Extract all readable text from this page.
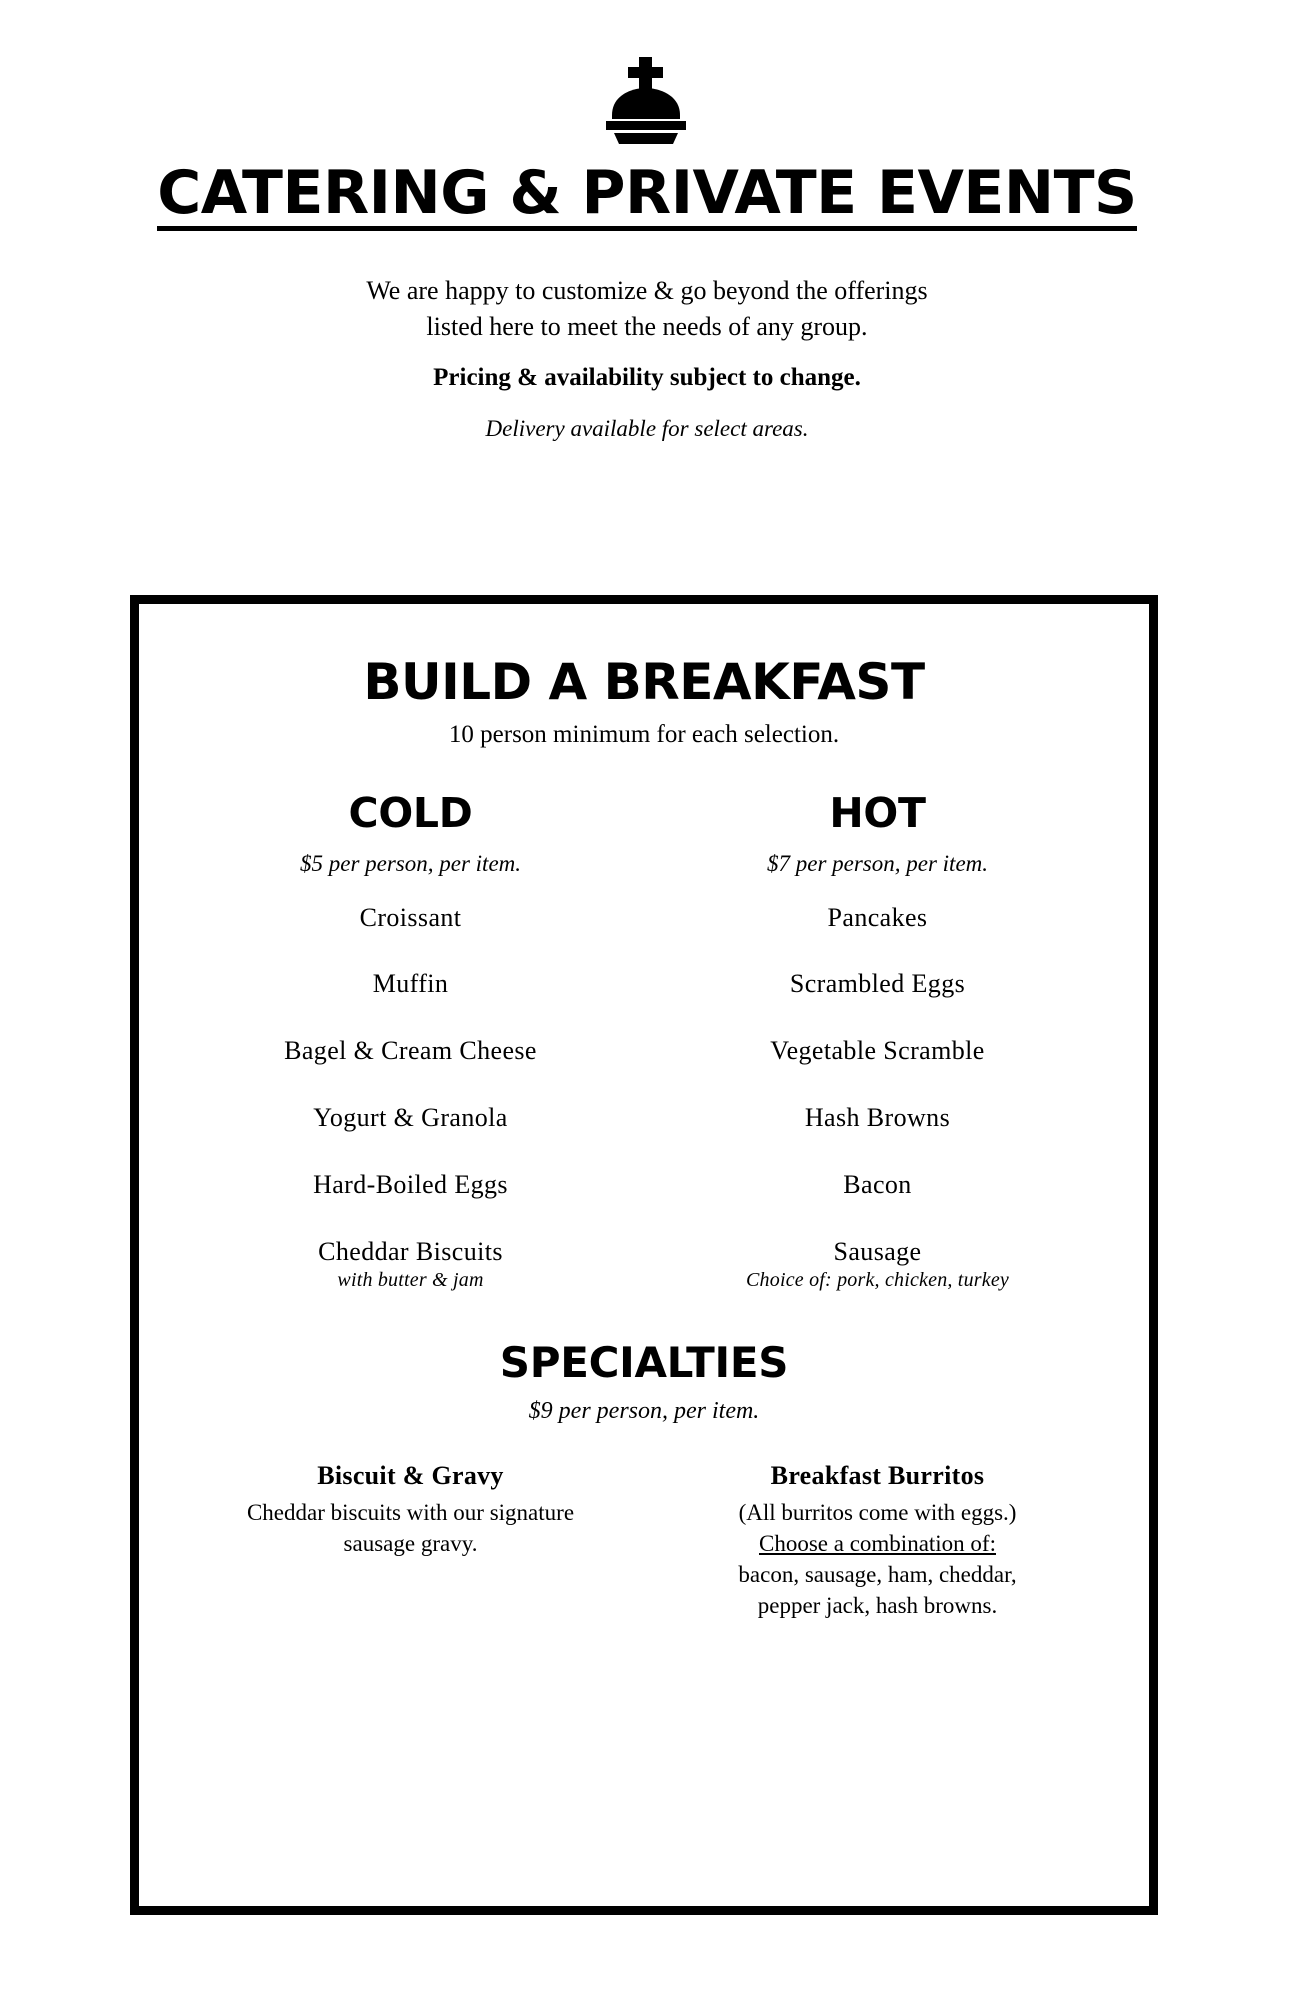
CATERING & PRIVATE EVENTS
We are happy to customize & go beyond the offerings
listed here to meet the needs of any group.
Pricing & availability subject to change.
Delivery available for select areas.
BUILD A BREAKFAST
10 person minimum for each selection.
COLD
$5 per person, per item.
Croissant
Muffin
Bagel & Cream Cheese
Yogurt & Granola
Hard-Boiled Eggs
Cheddar Biscuits
with butter & jam
HOT
$7 per person, per item.
Pancakes
Scrambled Eggs
Vegetable Scramble
Hash Browns
Bacon
Sausage
Choice of: pork, chicken, turkey
SPECIALTIES
$9 per person, per item.
Biscuit & Gravy
Cheddar biscuits with our signature
sausage gravy.
Breakfast Burritos
(All burritos come with eggs.)
Choose a combination of:
bacon, sausage, ham, cheddar,
pepper jack, hash browns.
